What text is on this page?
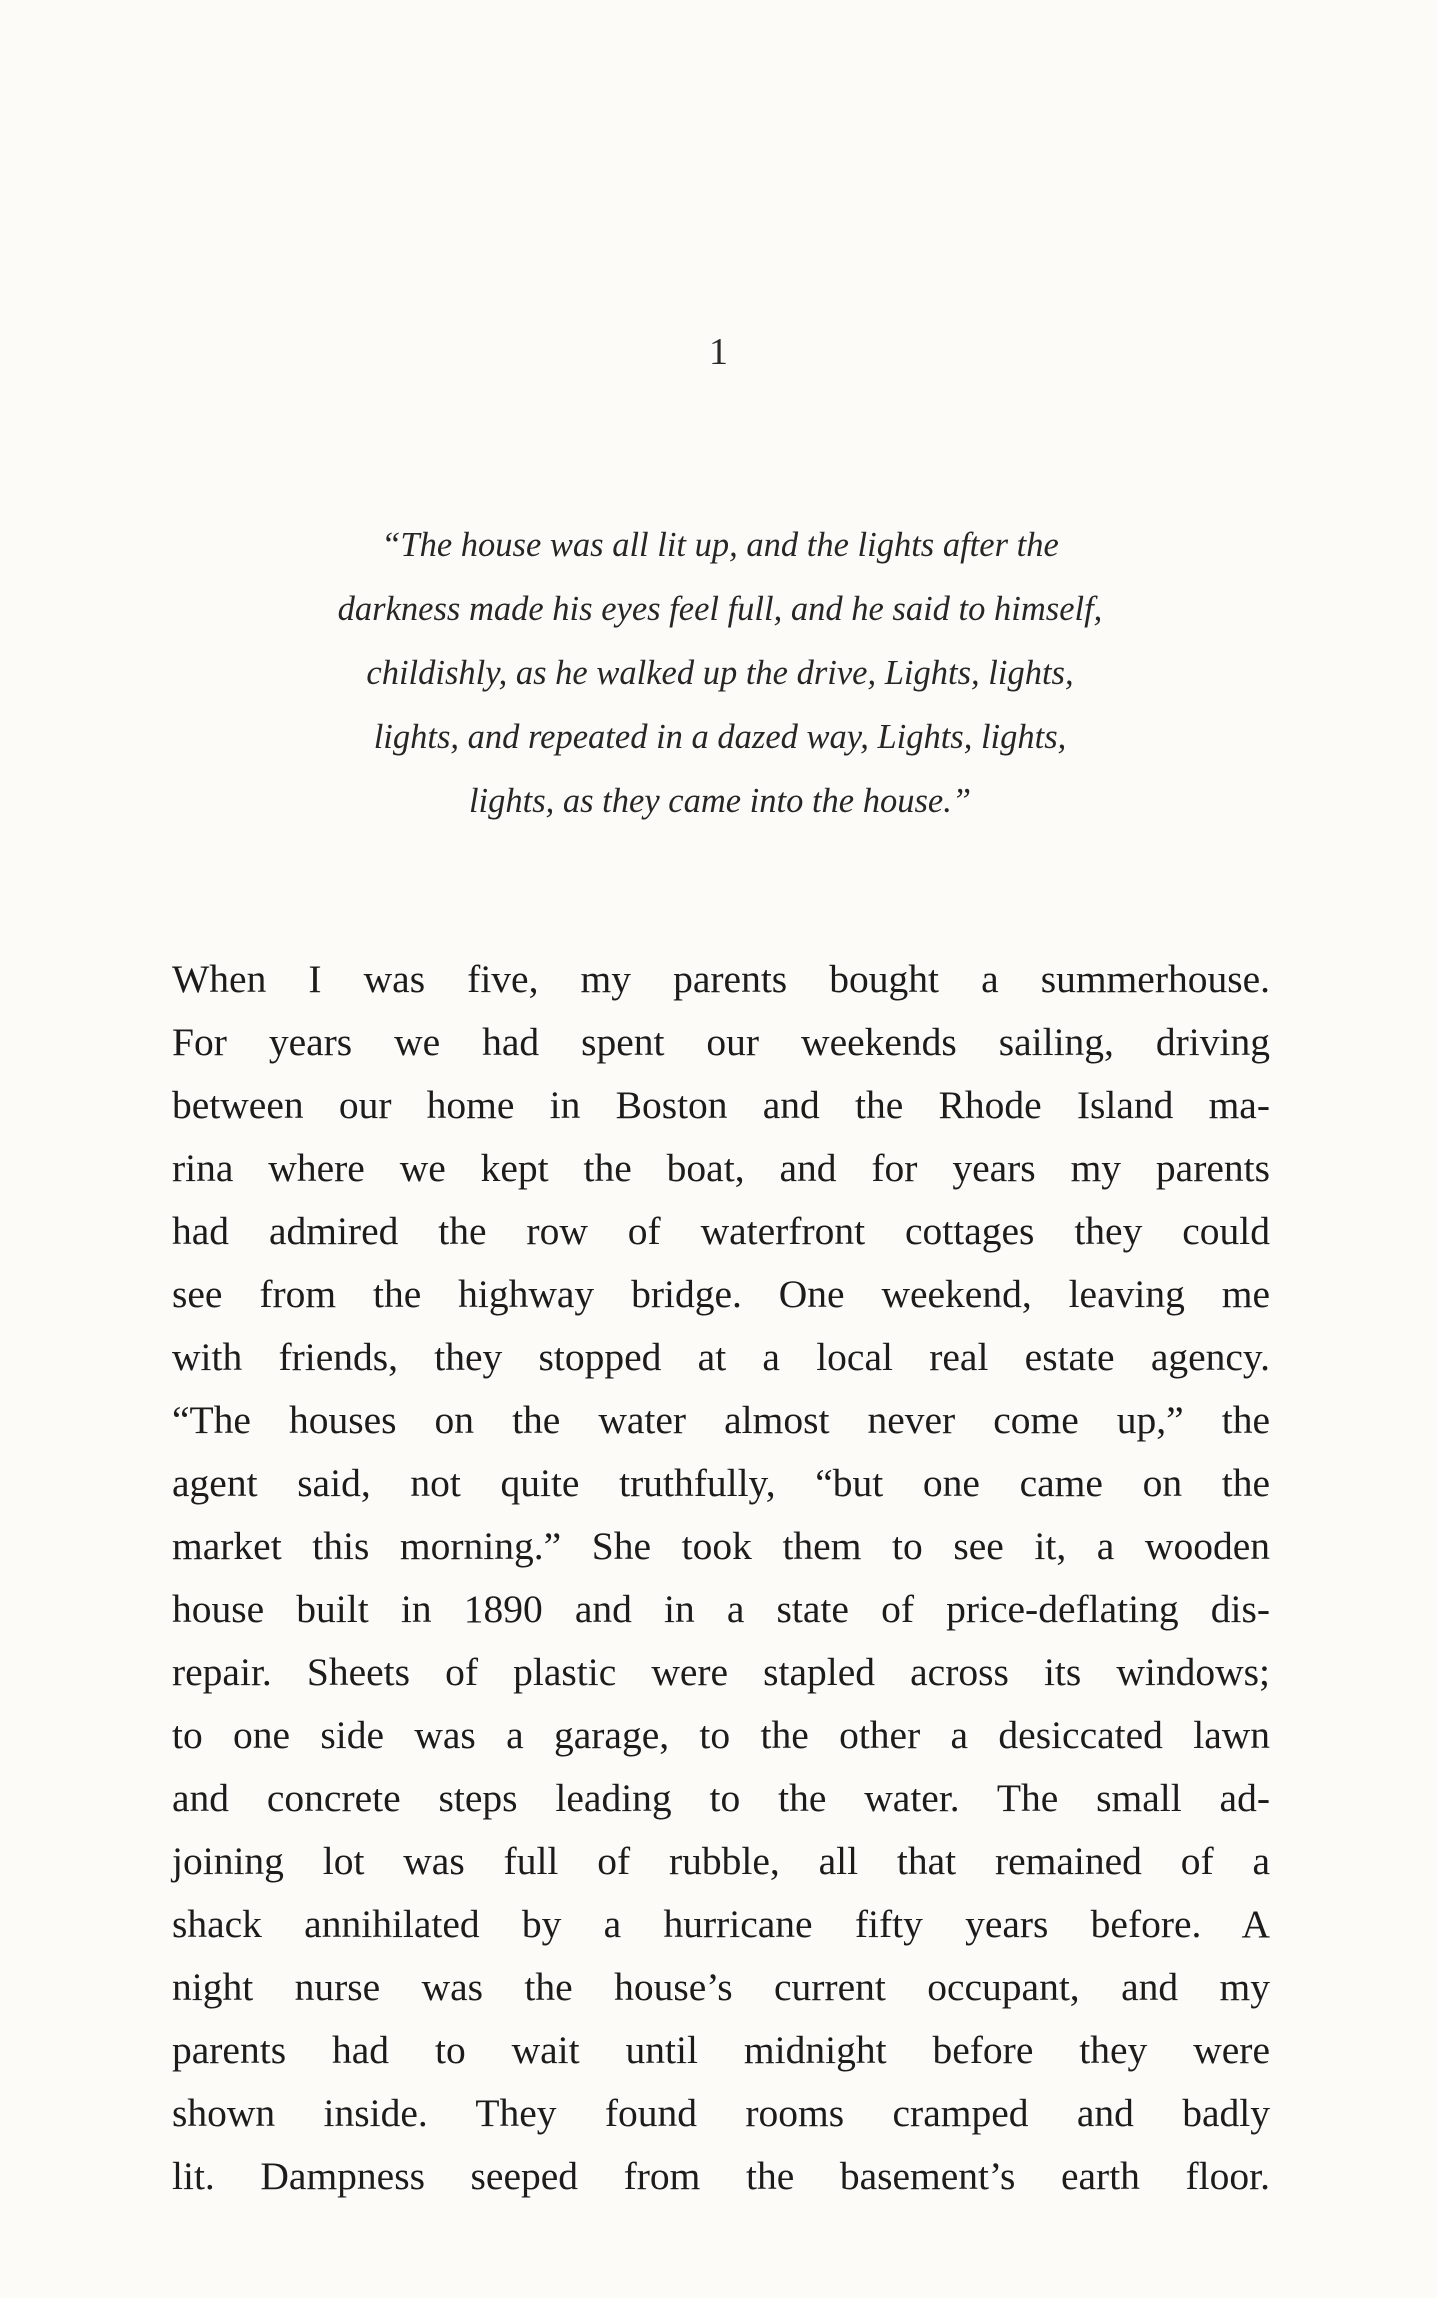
1
“The house was all lit up, and the lights after the
darkness made his eyes feel full, and he said to himself,
childishly, as he walked up the drive, Lights, lights,
lights, and repeated in a dazed way, Lights, lights,
lights, as they came into the house.”
When I was five, my parents bought a summerhouse.
For years we had spent our weekends sailing, driving
between our home in Boston and the Rhode Island ma-
rina where we kept the boat, and for years my parents
had admired the row of waterfront cottages they could
see from the highway bridge. One weekend, leaving me
with friends, they stopped at a local real estate agency.
“The houses on the water almost never come up,” the
agent said, not quite truthfully, “but one came on the
market this morning.” She took them to see it, a wooden
house built in 1890 and in a state of price-deflating dis-
repair. Sheets of plastic were stapled across its windows;
to one side was a garage, to the other a desiccated lawn
and concrete steps leading to the water. The small ad-
joining lot was full of rubble, all that remained of a
shack annihilated by a hurricane fifty years before. A
night nurse was the house’s current occupant, and my
parents had to wait until midnight before they were
shown inside. They found rooms cramped and badly
lit. Dampness seeped from the basement’s earth floor.
